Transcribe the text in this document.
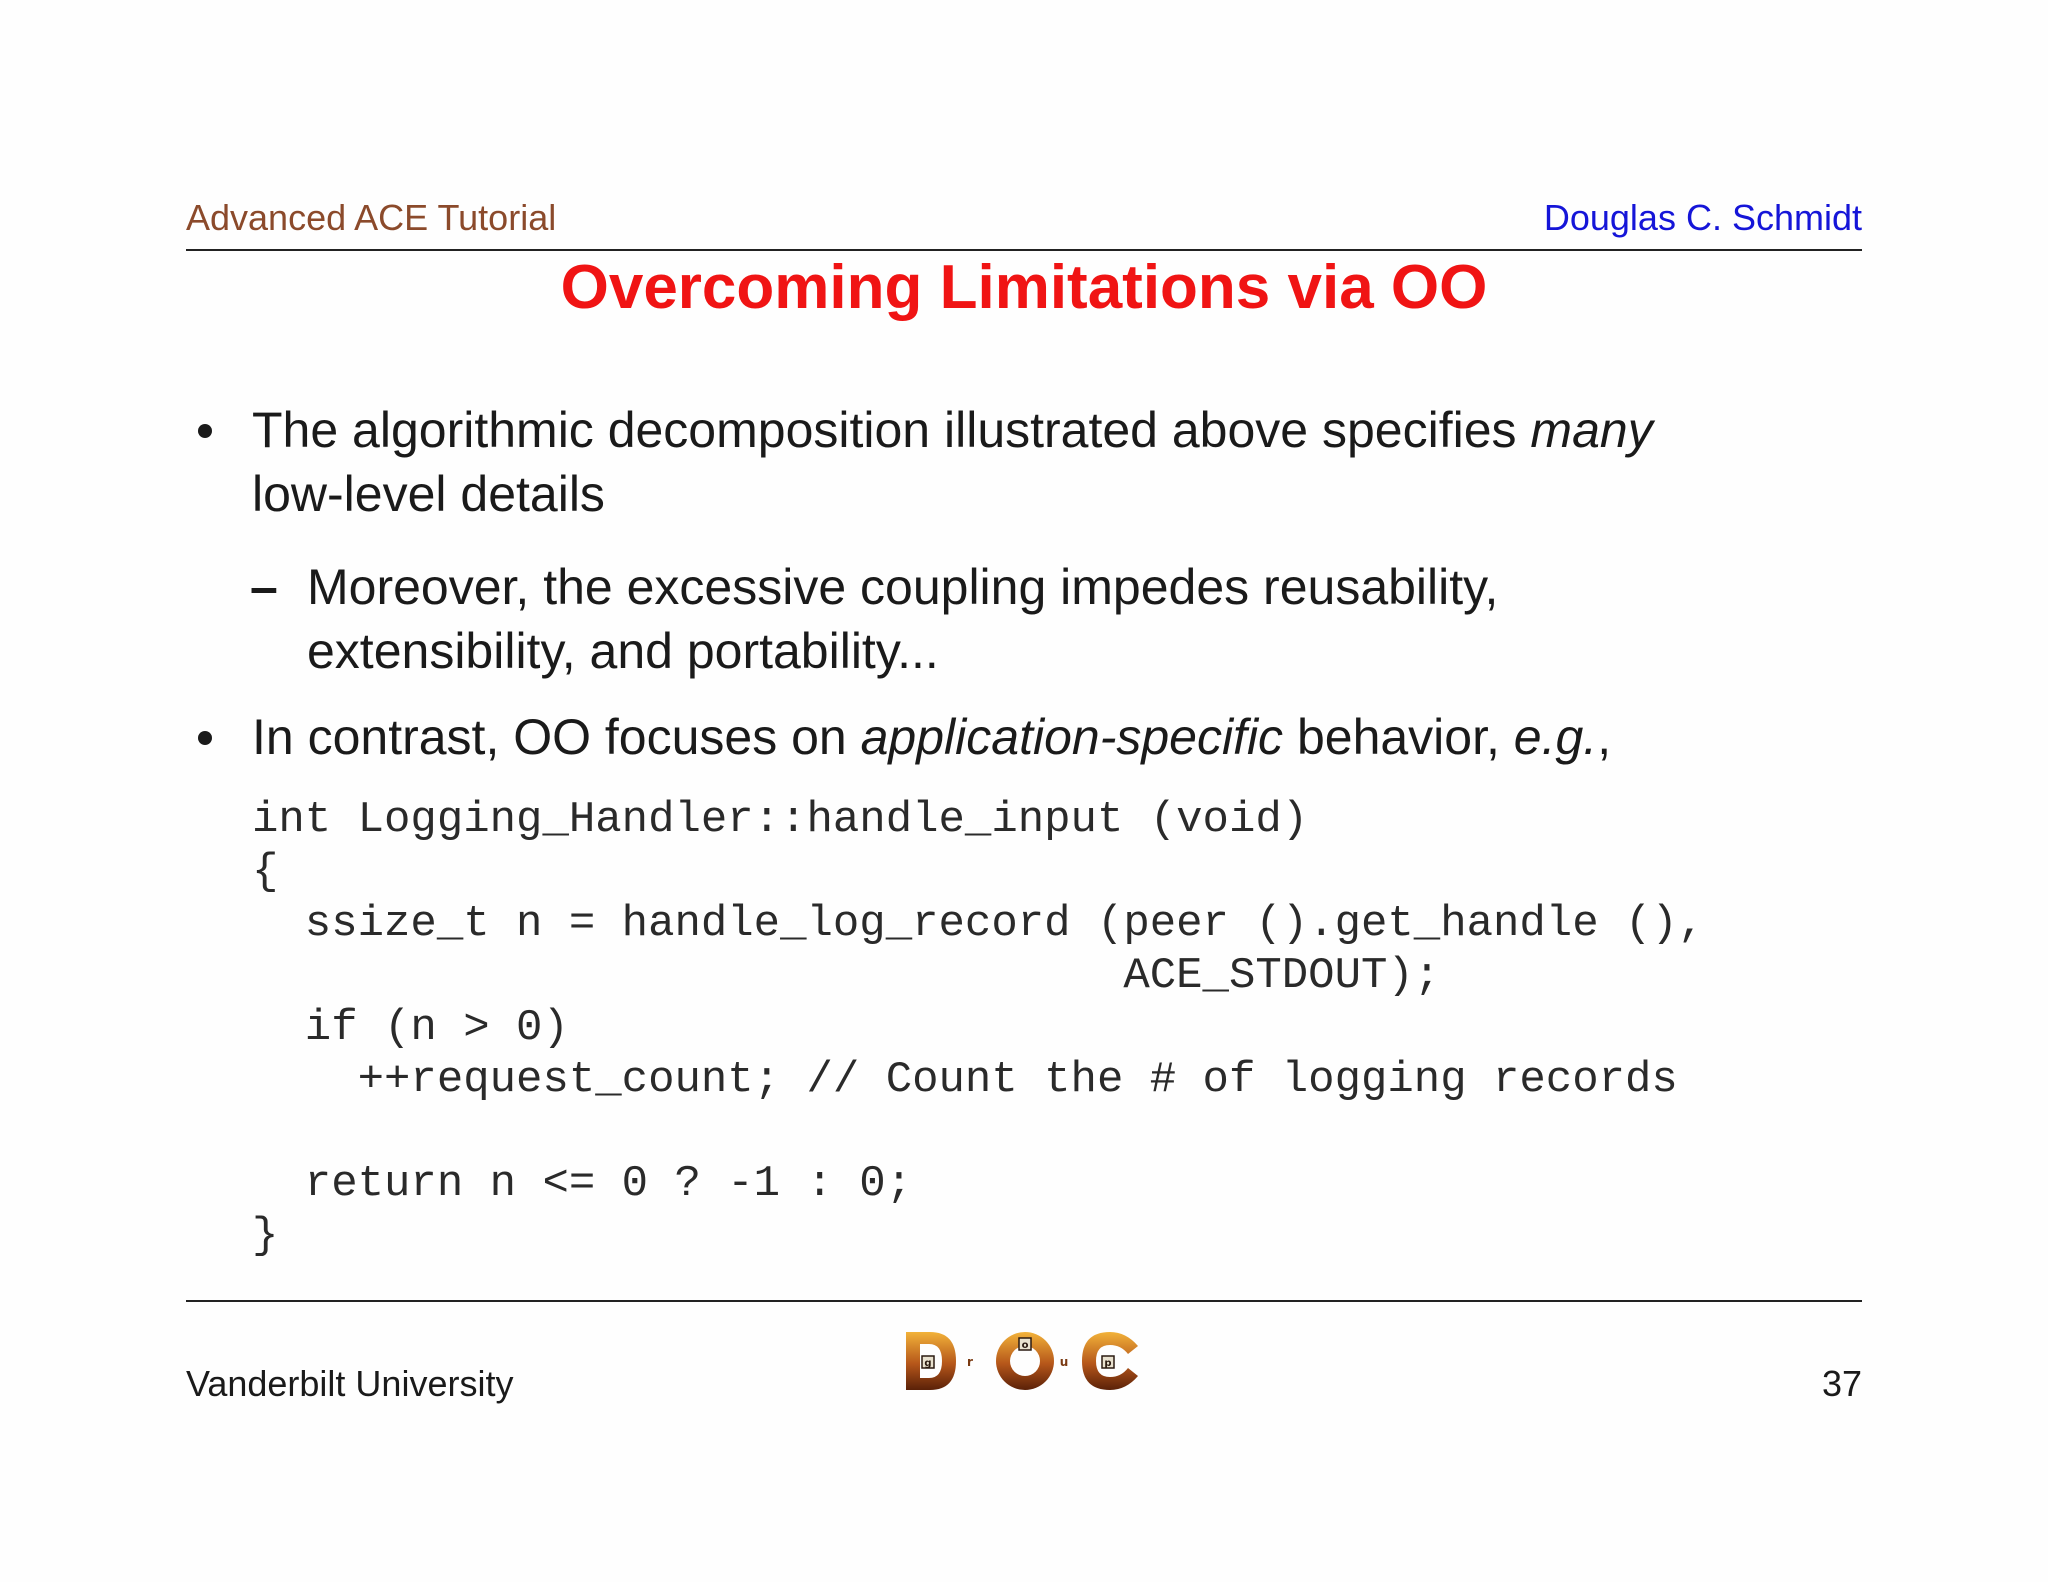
Advanced ACE Tutorial	Douglas C. Schmidt
Overcoming Limitations via OO
The algorithmic decomposition illustrated above specifies many
low-level details
– Moreover, the excessive coupling impedes reusability,
extensibility, and portability...
In contrast, OO focuses on application-specific behavior, e.g.,
int Logging_Handler::handle_input (void)
{
ssize_t n = handle_log_record (peer ().get_handle (),
ACE_STDOUT);
if (n > 0)
++request_count; // Count the # of logging records

return n <= 0 ? -1 : 0;
}
Vanderbilt University	g	r
o
u	p	37
